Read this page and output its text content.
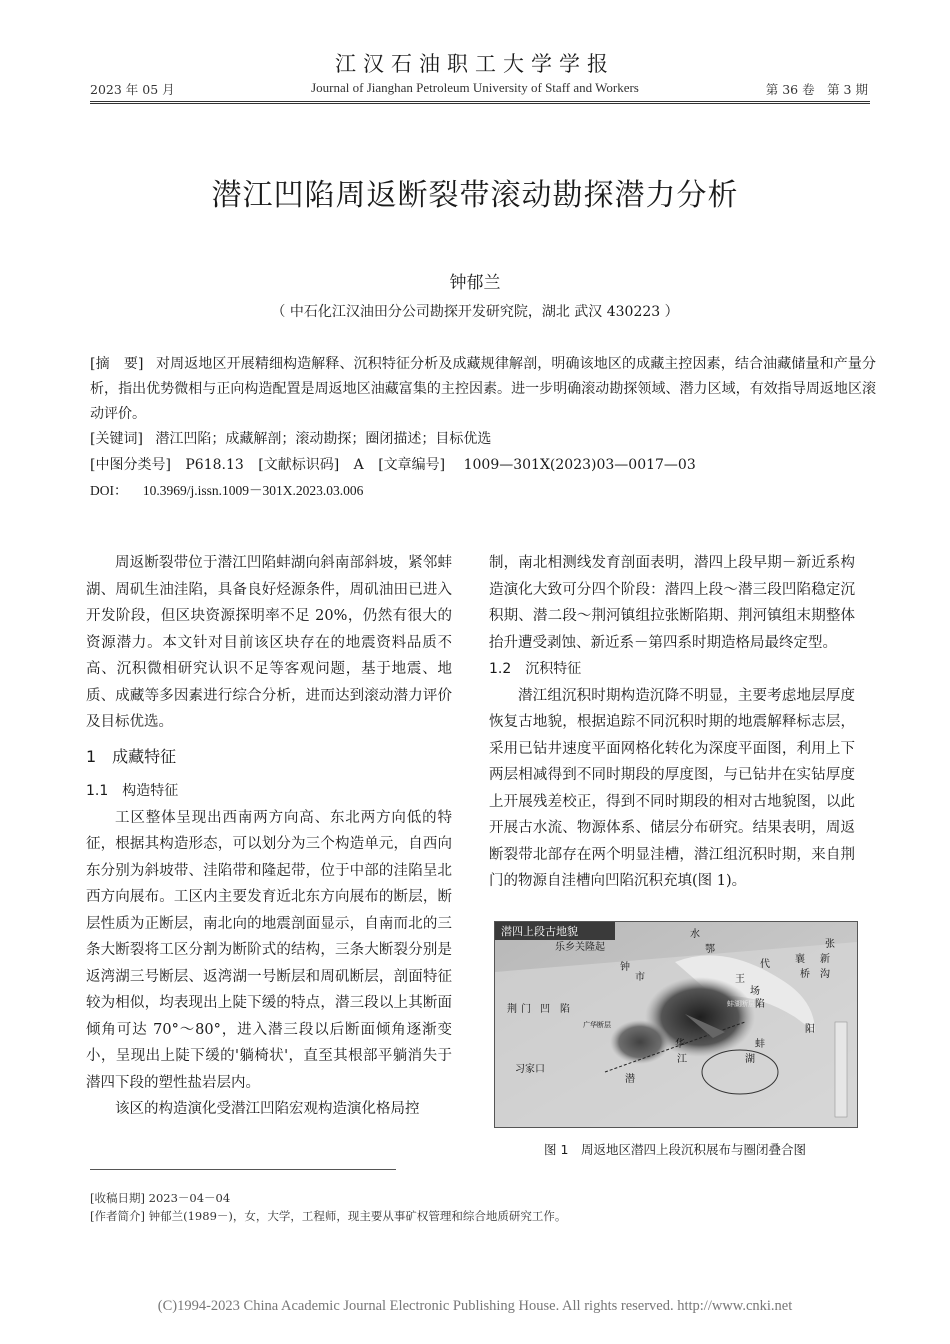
江汉石油职工大学学报
2023 年 05 月	Journal of Jianghan Petroleum University of Staff and Workers	第 36 卷　第 3 期
潜江凹陷周返断裂带滚动勘探潜力分析
钟郁兰
（ 中石化江汉油田分公司勘探开发研究院，湖北 武汉 430223 ）
[摘　要] 对周返地区开展精细构造解释、沉积特征分析及成藏规律解剖，明确该地区的成藏主控因素，结合油藏储量和产量分析，指出优势微相与正向构造配置是周返地区油藏富集的主控因素。进一步明确滚动勘探领域、潜力区域，有效指导周返地区滚动评价。
[关键词] 潜江凹陷；成藏解剖；滚动勘探；圈闭描述；目标优选
[中图分类号] P618.13 [文献标识码] A [文章编号] 1009—301X(2023)03—0017—03
DOI： 10.3969/j.issn.1009－301X.2023.03.006

周返断裂带位于潜江凹陷蚌湖向斜南部斜坡，紧邻蚌湖、周矶生油洼陷，具备良好烃源条件，周矶油田已进入开发阶段，但区块资源探明率不足 20%，仍然有很大的资源潜力。本文针对目前该区块存在的地震资料品质不高、沉积微相研究认识不足等客观问题，基于地震、地质、成藏等多因素进行综合分析，进而达到滚动潜力评价及目标优选。

1　成藏特征

1.1　构造特征

工区整体呈现出西南两方向高、东北两方向低的特征，根据其构造形态，可以划分为三个构造单元，自西向东分别为斜坡带、洼陷带和隆起带，位于中部的洼陷呈北西方向展布。工区内主要发育近北东方向展布的断层，断层性质为正断层，南北向的地震剖面显示，自南而北的三条大断裂将工区分割为断阶式的结构，三条大断裂分别是返湾湖三号断层、返湾湖一号断层和周矶断层，剖面特征较为相似，均表现出上陡下缓的特点，潜三段以上其断面倾角可达 70°～80°，进入潜三段以后断面倾角逐渐变小，呈现出上陡下缓的'躺椅状'，直至其根部平躺消失于潜四下段的塑性盐岩层内。

该区的构造演化受潜江凹陷宏观构造演化格局控

制，南北相测线发育剖面表明，潜四上段早期－新近系构造演化大致可分四个阶段：潜四上段～潜三段凹陷稳定沉积期、潜二段～荆河镇组拉张断陷期、荆河镇组末期整体抬升遭受剥蚀、新近系－第四系时期造格局最终定型。

1.2　沉积特征

潜江组沉积时期构造沉降不明显，主要考虑地层厚度恢复古地貌，根据追踪不同沉积时期的地震解释标志层，采用已钻井速度平面网格化转化为深度平面图，利用上下两层相减得到不同时期段的厚度图，与已钻井在实钻厚度上开展残差校正，得到不同时期段的相对古地貌图，以此开展古水流、物源体系、储层分布研究。结果表明，周返断裂带北部存在两个明显洼槽，潜江组沉积时期，来自荆门的物源自洼槽向凹陷沉积充填(图 1)。

潜四上段古地貌
乐乡关隆起
水
鄂
代
张
钟
市	王
场
陷
荆 门 凹 陷
广华断层
蚌湖断层
习家口
华
江
潜
湖
蚌
阳
襄
桥
新
沟
图 1　周返地区潜四上段沉积展布与圈闭叠合图
[收稿日期] 2023－04－04
[作者简介] 钟郁兰(1989－)，女，大学，工程师，现主要从事矿权管理和综合地质研究工作。
(C)1994-2023 China Academic Journal Electronic Publishing House. All rights reserved. http://www.cnki.net
